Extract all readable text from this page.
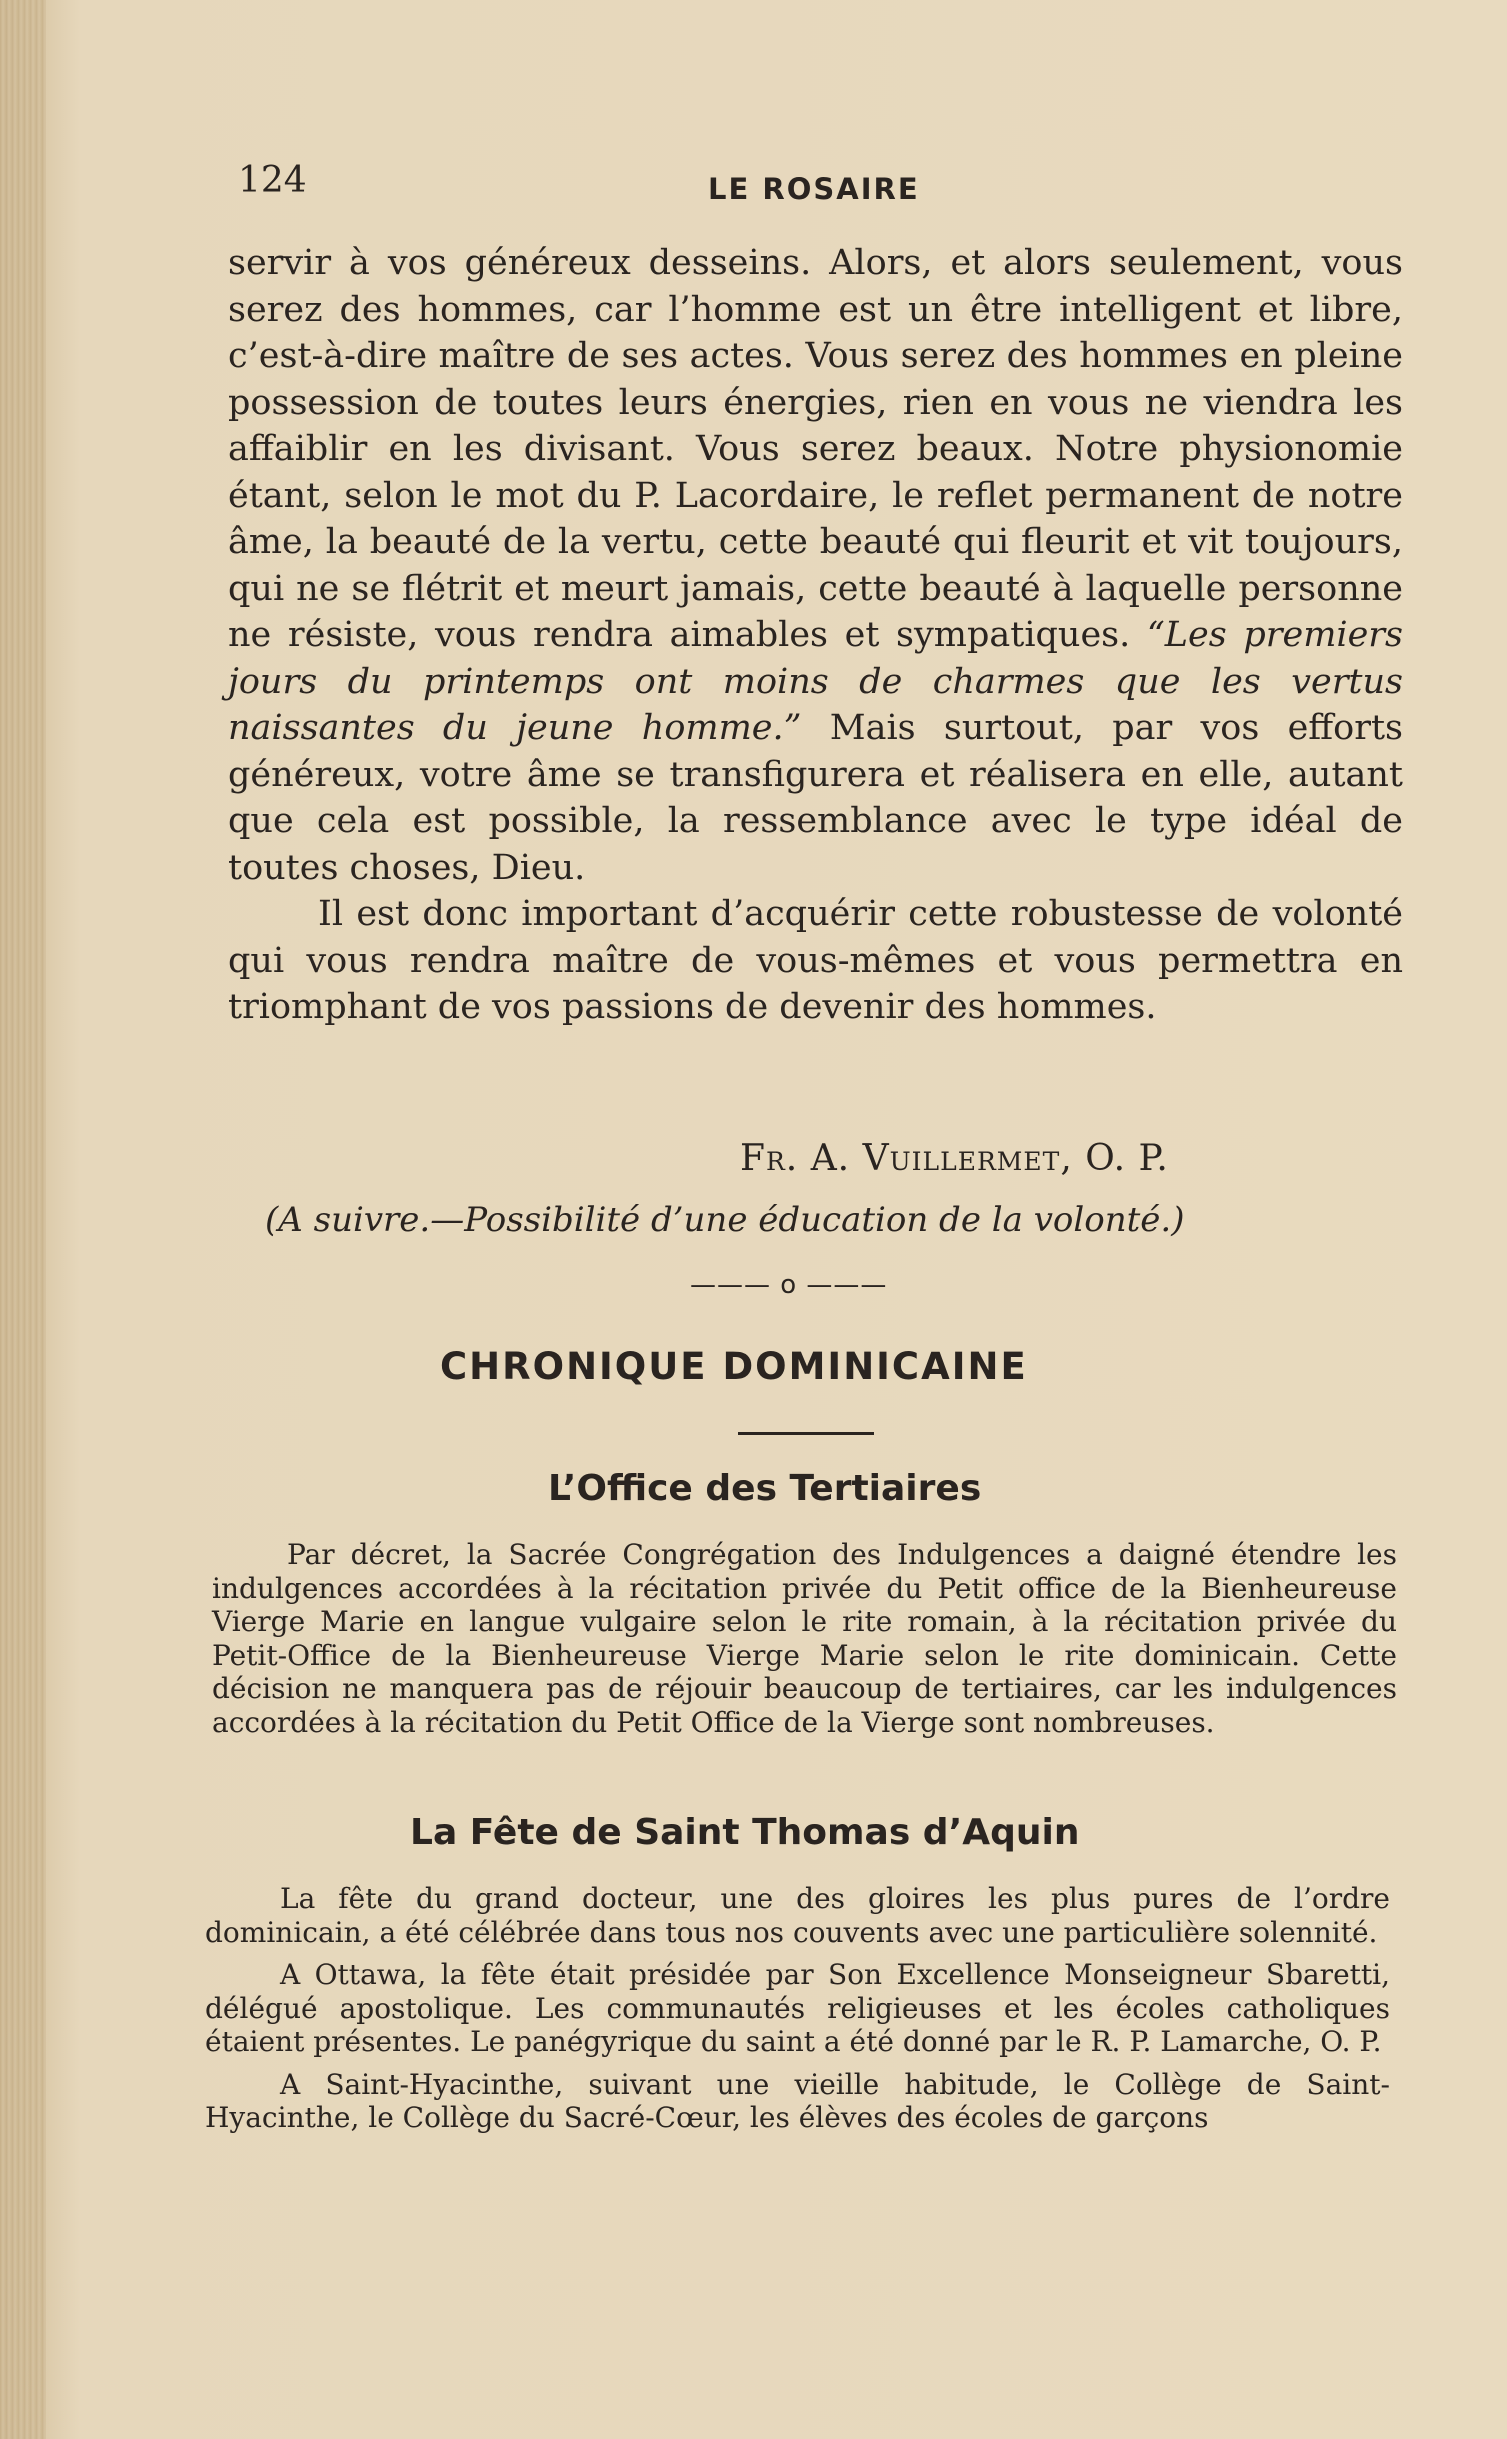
124	LE ROSAIRE

servir à vos généreux desseins. Alors, et alors seulement, vous serez des hommes, car l’homme est un être intelligent et libre, c’est-à-dire maître de ses actes. Vous serez des hommes en pleine possession de toutes leurs énergies, rien en vous ne viendra les affaiblir en les divisant. Vous serez beaux. Notre physionomie étant, selon le mot du P. Lacordaire, le reflet permanent de notre âme, la beauté de la vertu, cette beauté qui fleurit et vit toujours, qui ne se flétrit et meurt jamais, cette beauté à laquelle personne ne résiste, vous rendra aimables et sympatiques. “Les premiers jours du printemps ont moins de charmes que les vertus naissantes du jeune homme.” Mais surtout, par vos efforts généreux, votre âme se transfigurera et réalisera en elle, autant que cela est possible, la ressemblance avec le type idéal de toutes choses, Dieu.

Il est donc important d’acquérir cette robustesse de volonté qui vous rendra maître de vous-mêmes et vous permettra en triomphant de vos passions de devenir des hommes.

Fr. A. Vuillermet, O. P.
(A suivre.—Possibilité d’une éducation de la volonté.)
——— o ———
CHRONIQUE DOMINICAINE
L’Office des Tertiaires

Par décret, la Sacrée Congrégation des Indulgences a daigné étendre les indulgences accordées à la récitation privée du Petit office de la Bienheureuse Vierge Marie en langue vulgaire selon le rite romain, à la récitation privée du Petit-Office de la Bienheureuse Vierge Marie selon le rite dominicain. Cette décision ne manquera pas de réjouir beaucoup de tertiaires, car les indulgences accordées à la récitation du Petit Office de la Vierge sont nombreuses.

La Fête de Saint Thomas d’Aquin

La fête du grand docteur, une des gloires les plus pures de l’ordre dominicain, a été célébrée dans tous nos couvents avec une particulière solennité.

A Ottawa, la fête était présidée par Son Excellence Monseigneur Sbaretti, délégué apostolique. Les communautés religieuses et les écoles catholiques étaient présentes. Le panégyrique du saint a été donné par le R. P. Lamarche, O. P.

A Saint-Hyacinthe, suivant une vieille habitude, le Collège de Saint-Hyacinthe, le Collège du Sacré-Cœur, les élèves des écoles de garçons
